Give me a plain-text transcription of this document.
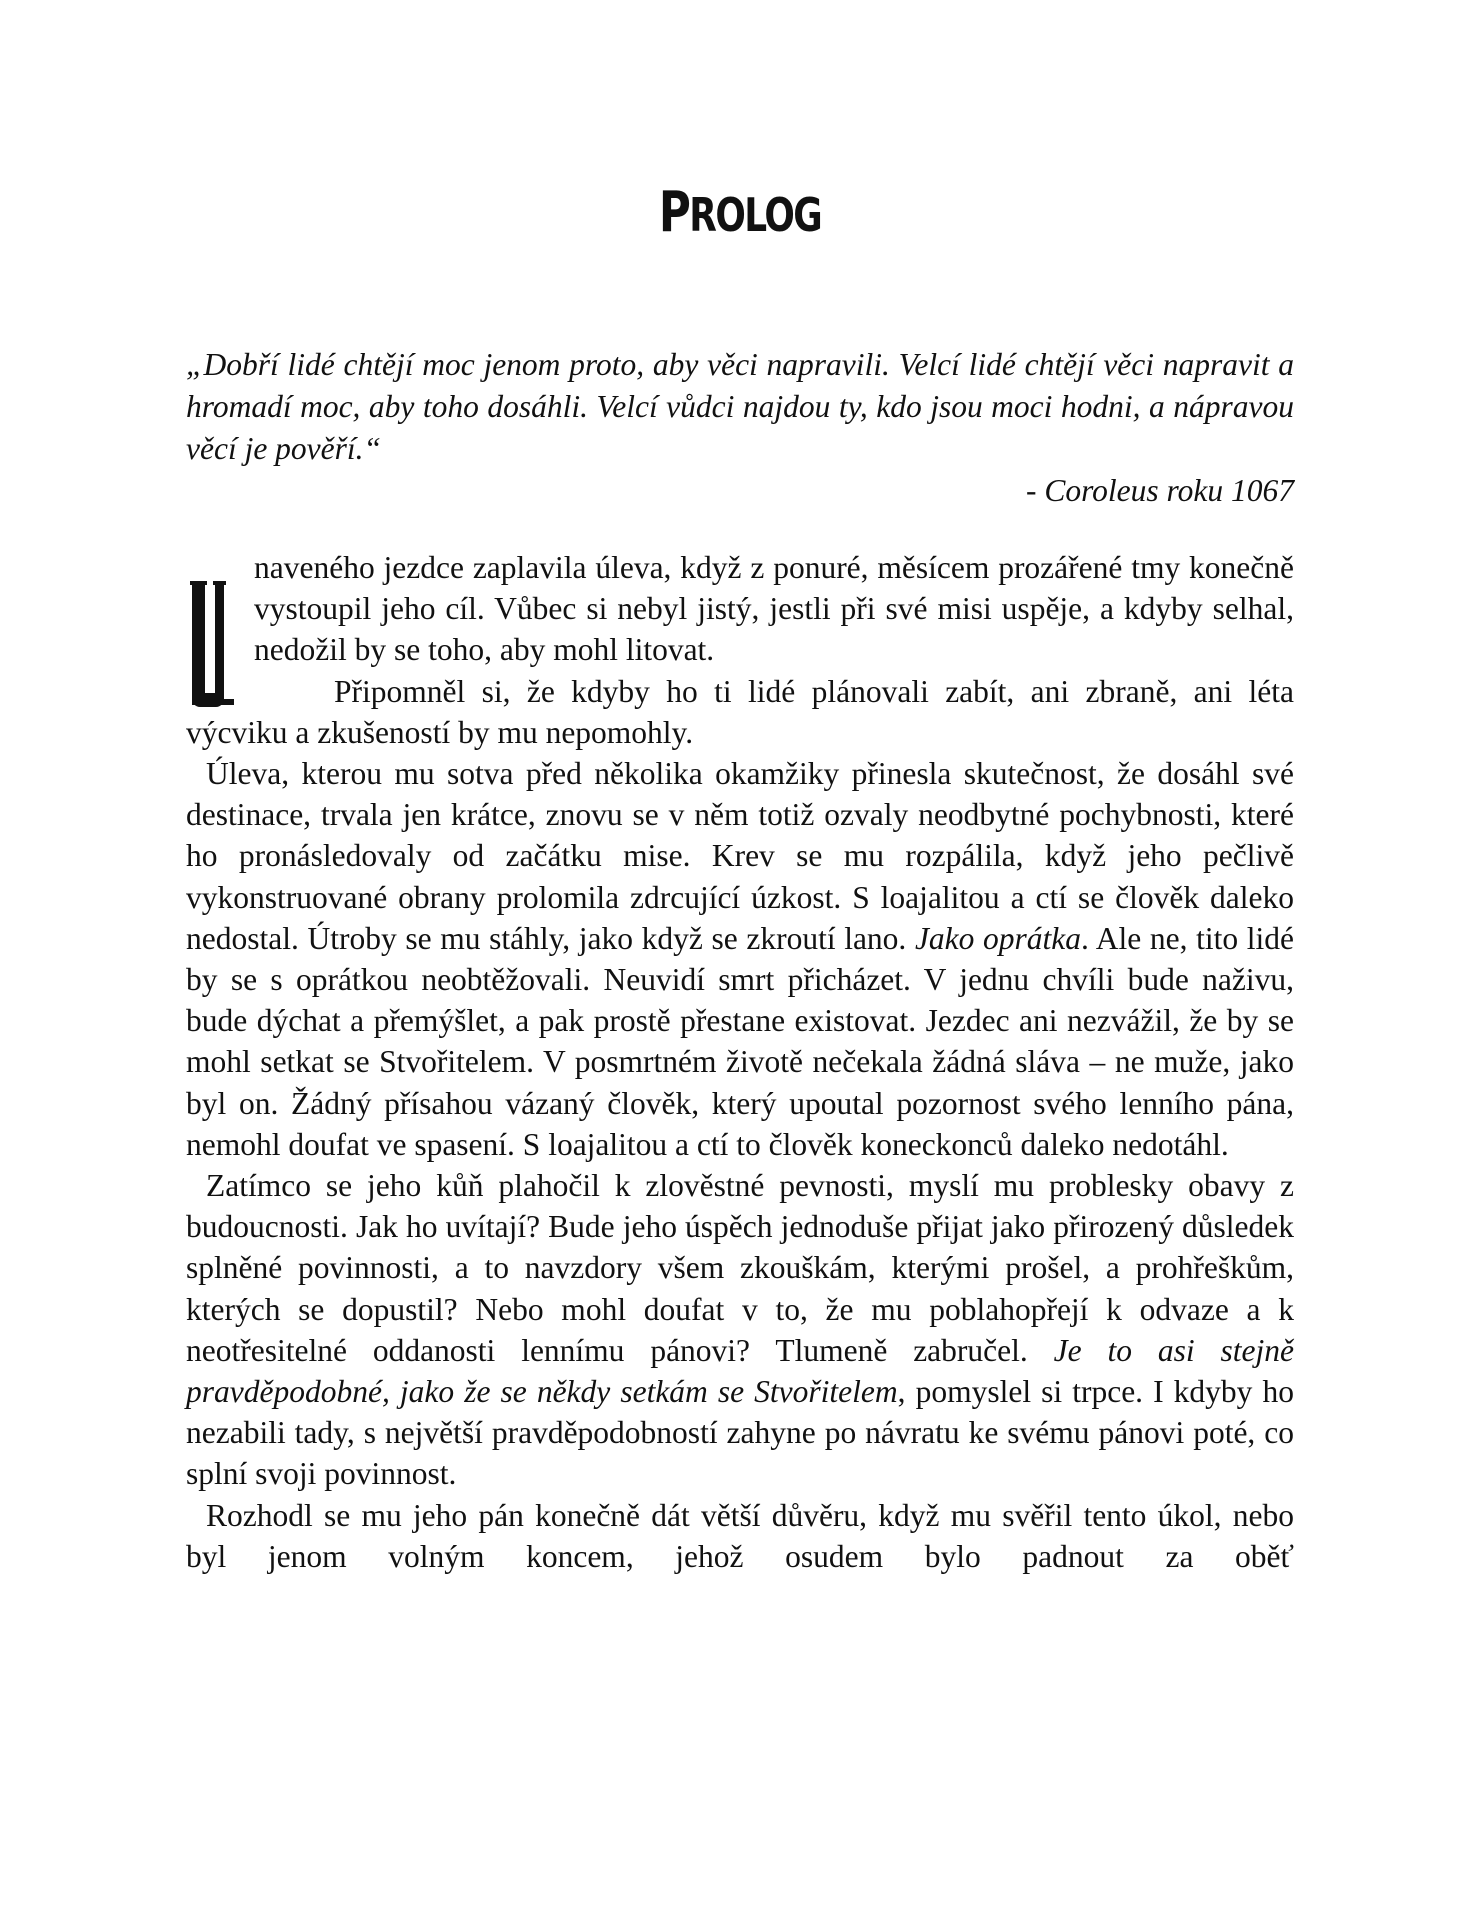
PROLOG
„Dobří lidé chtějí moc jenom proto, aby věci napravili. Velcí lidé chtějí věci napravit a hromadí moc, aby toho dosáhli. Velcí vůdci najdou ty, kdo jsou moci hodni, a nápravou věcí je pověří.“
- Coroleus roku 1067

naveného jezdce zaplavila úleva, když z ponuré, měsícem prozářené tmy konečně vystoupil jeho cíl. Vůbec si nebyl jistý, jestli při své misi uspěje, a kdyby selhal, nedožil by se toho, aby mohl litovat.

Připomněl si, že kdyby ho ti lidé plánovali zabít, ani zbraně, ani léta výcviku a zkušeností by mu nepomohly.

Úleva, kterou mu sotva před několika okamžiky přinesla skutečnost, že dosáhl své destinace, trvala jen krátce, znovu se v něm totiž ozvaly neodbytné pochybnosti, které ho pronásledovaly od začátku mise. Krev se mu rozpálila, když jeho pečlivě vykonstruované obrany prolomila zdrcující úzkost. S loajalitou a ctí se člověk daleko nedostal. Útroby se mu stáhly, jako když se zkroutí lano. Jako oprátka. Ale ne, tito lidé by se s oprátkou neobtěžovali. Neuvidí smrt přicházet. V jednu chvíli bude naživu, bude dýchat a přemýšlet, a pak prostě přestane existovat. Jezdec ani nezvážil, že by se mohl setkat se Stvořitelem. V posmrtném životě nečekala žádná sláva – ne muže, jako byl on. Žádný přísahou vázaný člověk, který upoutal pozornost svého lenního pána, nemohl doufat ve spasení. S loajalitou a ctí to člověk koneckonců daleko nedotáhl.

Zatímco se jeho kůň plahočil k zlověstné pevnosti, myslí mu problesky obavy z budoucnosti. Jak ho uvítají? Bude jeho úspěch jednoduše přijat jako přirozený důsledek splněné povinnosti, a to navzdory všem zkouškám, kterými prošel, a prohřeškům, kterých se dopustil? Nebo mohl doufat v to, že mu poblahopřejí k odvaze a k neotřesitelné oddanosti lennímu pánovi? Tlumeně zabručel. Je to asi stejně pravděpodobné, jako že se někdy setkám se Stvořitelem, pomyslel si trpce. I kdyby ho nezabili tady, s největší pravděpodobností zahyne po návratu ke svému pánovi poté, co splní svoji povinnost.

Rozhodl se mu jeho pán konečně dát větší důvěru, když mu svěřil tento úkol, nebo byl jenom volným koncem, jehož osudem bylo padnout za oběť
